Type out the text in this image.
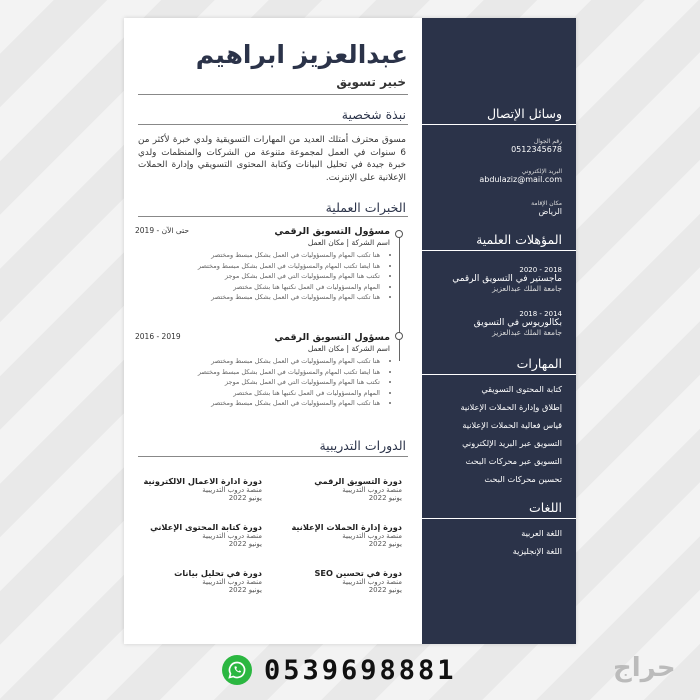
وسائل الإتصال
رقم الجوال
0512345678
البريد الإلكتروني
abdulaziz@mail.com
مكان الإقامة
الرياض
المؤهلات العلمية
2018 - 2020
ماجستير في التسويق الرقمي
جامعة الملك عبدالعزيز
2014 - 2018
بكالوريوس في التسويق
جامعة الملك عبدالعزيز
المهارات
كتابة المحتوى التسويقي
إطلاق وإدارة الحملات الإعلانية
قياس فعالية الحملات الإعلانية
التسويق عبر البريد الإلكتروني
التسويق عبر محركات البحث
تحسين محركات البحث
اللغات
اللغة العربية
اللغة الإنجليزية
عبدالعزيز ابراهيم
خبير تسويق
نبذة شخصية
مسوق محترف أمتلك العديد من المهارات التسويقية ولدي خبرة لأكثر من 6 سنوات في العمل لمجموعة متنوعة من الشركات والمنظمات ولدي خبرة جيدة في تحليل البيانات وكتابة المحتوى التسويقي وإدارة الحملات الإعلانية على الإنترنت.
الخبرات العملية
مسؤول التسويق الرقمي
اسم الشركة | مكان العمل
2019 - حتى الآن
• هنا تكتب المهام والمسؤوليات في العمل بشكل مبسط ومختصر
• هنا ايضا تكتب المهام والمسؤوليات في العمل بشكل مبسط ومختصر
• تكتب هنا المهام والمسؤوليات التي في العمل بشكل موجز
• المهام والمسؤوليات في العمل نكتبها هنا بشكل مختصر
• هنا تكتب المهام والمسؤوليات في العمل بشكل مبسط ومختصر
مسؤول التسويق الرقمي
اسم الشركة | مكان العمل
2016 - 2019
• هنا تكتب المهام والمسؤوليات في العمل بشكل مبسط ومختصر
• هنا ايضا تكتب المهام والمسؤوليات في العمل بشكل مبسط ومختصر
• تكتب هنا المهام والمسؤوليات التي في العمل بشكل موجز
• المهام والمسؤوليات في العمل نكتبها هنا بشكل مختصر
• هنا تكتب المهام والمسؤوليات في العمل بشكل مبسط ومختصر
الدورات التدريبية
دورة التسويق الرقمي
منصة دروب التدريبية
يونيو 2022
دورة ادارة الاعمال الالكترونية
منصة دروب التدريبية
يونيو 2022
دورة إدارة الحملات الإعلانية
منصة دروب التدريبية
يونيو 2022
دورة كتابة المحتوى الإعلاني
منصة دروب التدريبية
يونيو 2022
دورة في تحسين SEO
منصة دروب التدريبية
يونيو 2022
دورة في تحليل بيانات
منصة دروب التدريبية
يونيو 2022
0539698881	حراج
